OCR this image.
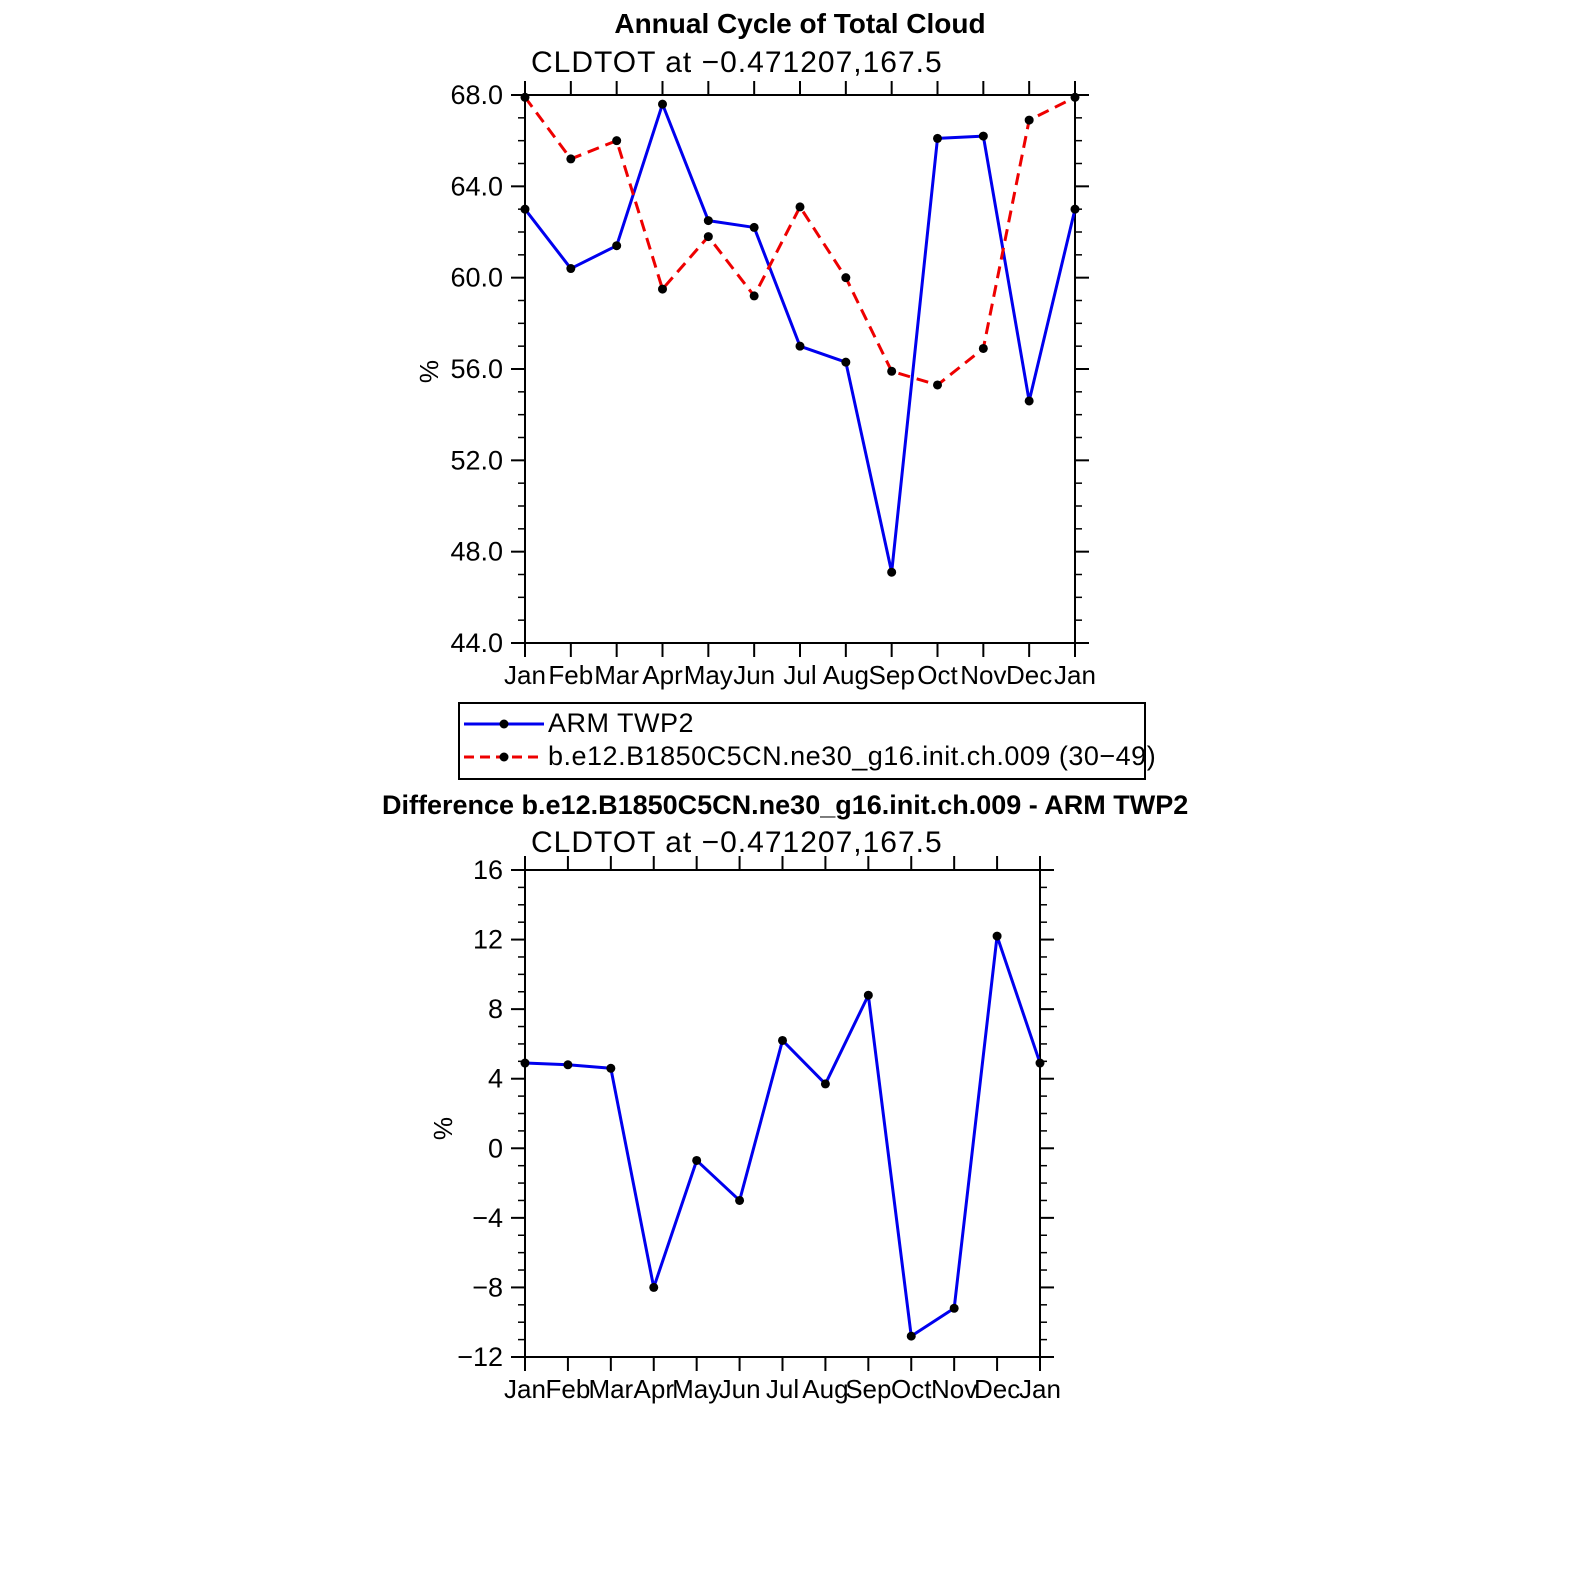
44.0
48.0
52.0
56.0
60.0
64.0
68.0
Jan Feb Mar Apr May Jun Jul Aug Sep Oct Nov Dec Jan
−12
−8
−4
0
4
8
12
16
Jan Feb
Mar Apr
May
Jun Jul Aug
Sep Oct Nov
Dec
Jan
Annual Cycle of Total Cloud
CLDTOT at −0.471207,167.5
%
ARM TWP2
b.e12.B1850C5CN.ne30_g16.init.ch.009 (30−49)
Difference b.e12.B1850C5CN.ne30_g16.init.ch.009 - ARM TWP2
CLDTOT at −0.471207,167.5
%
